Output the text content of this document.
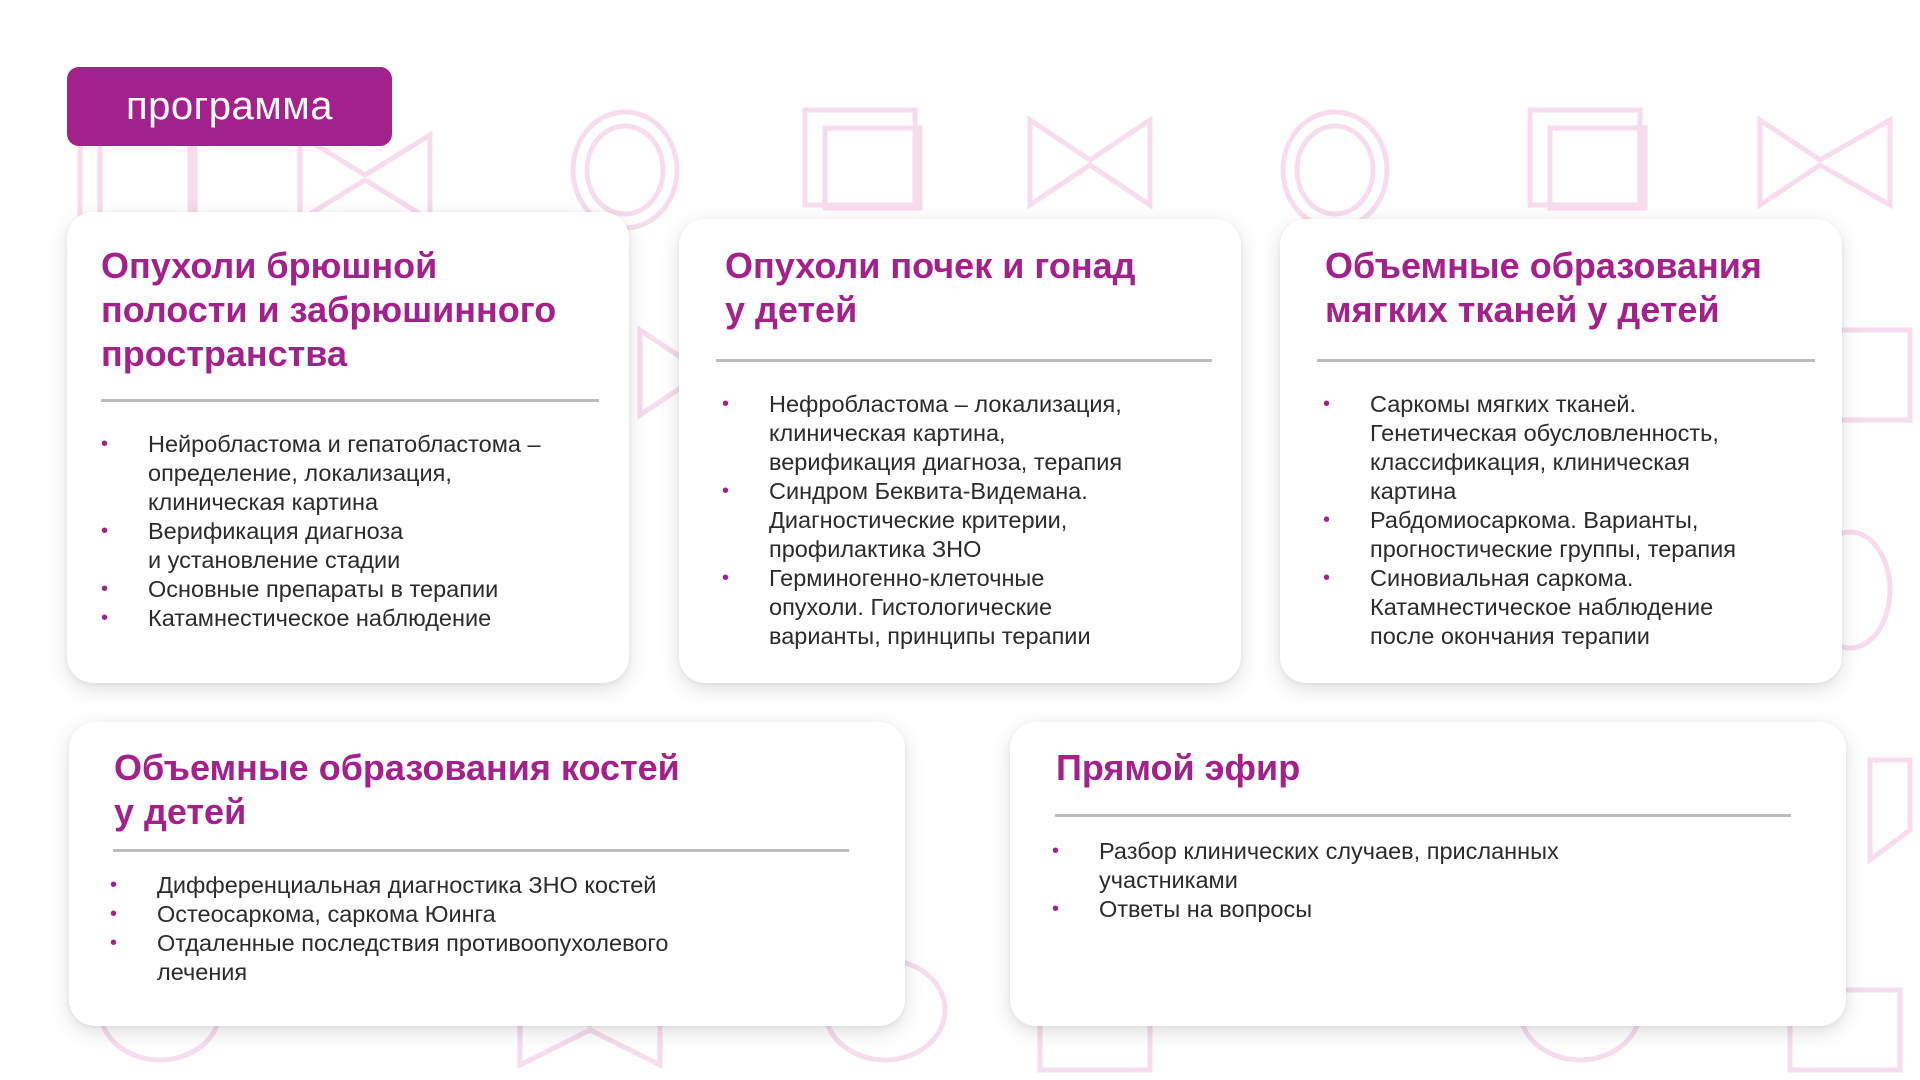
программа
Опухоли брюшной
полости и забрюшинного
пространства
• Нейробластома и гепатобластома –
определение, локализация,
клиническая картина
• Верификация диагноза
и установление стадии
• Основные препараты в терапии
• Катамнестическое наблюдение
Опухоли почек и гонад
у детей
• Нефробластома – локализация,
клиническая картина,
верификация диагноза, терапия
• Синдром Беквита-Видемана.
Диагностические критерии,
профилактика ЗНО
• Герминогенно-клеточные
опухоли. Гистологические
варианты, принципы терапии
Объемные образования
мягких тканей у детей
• Саркомы мягких тканей.
Генетическая обусловленность,
классификация, клиническая
картина
• Рабдомиосаркома. Варианты,
прогностические группы, терапия
• Синовиальная саркома.
Катамнестическое наблюдение
после окончания терапии
Объемные образования костей
у детей
• Дифференциальная диагностика ЗНО костей
• Остеосаркома, саркома Юинга
• Отдаленные последствия противоопухолевого
лечения
Прямой эфир
• Разбор клинических случаев, присланных
участниками
• Ответы на вопросы
